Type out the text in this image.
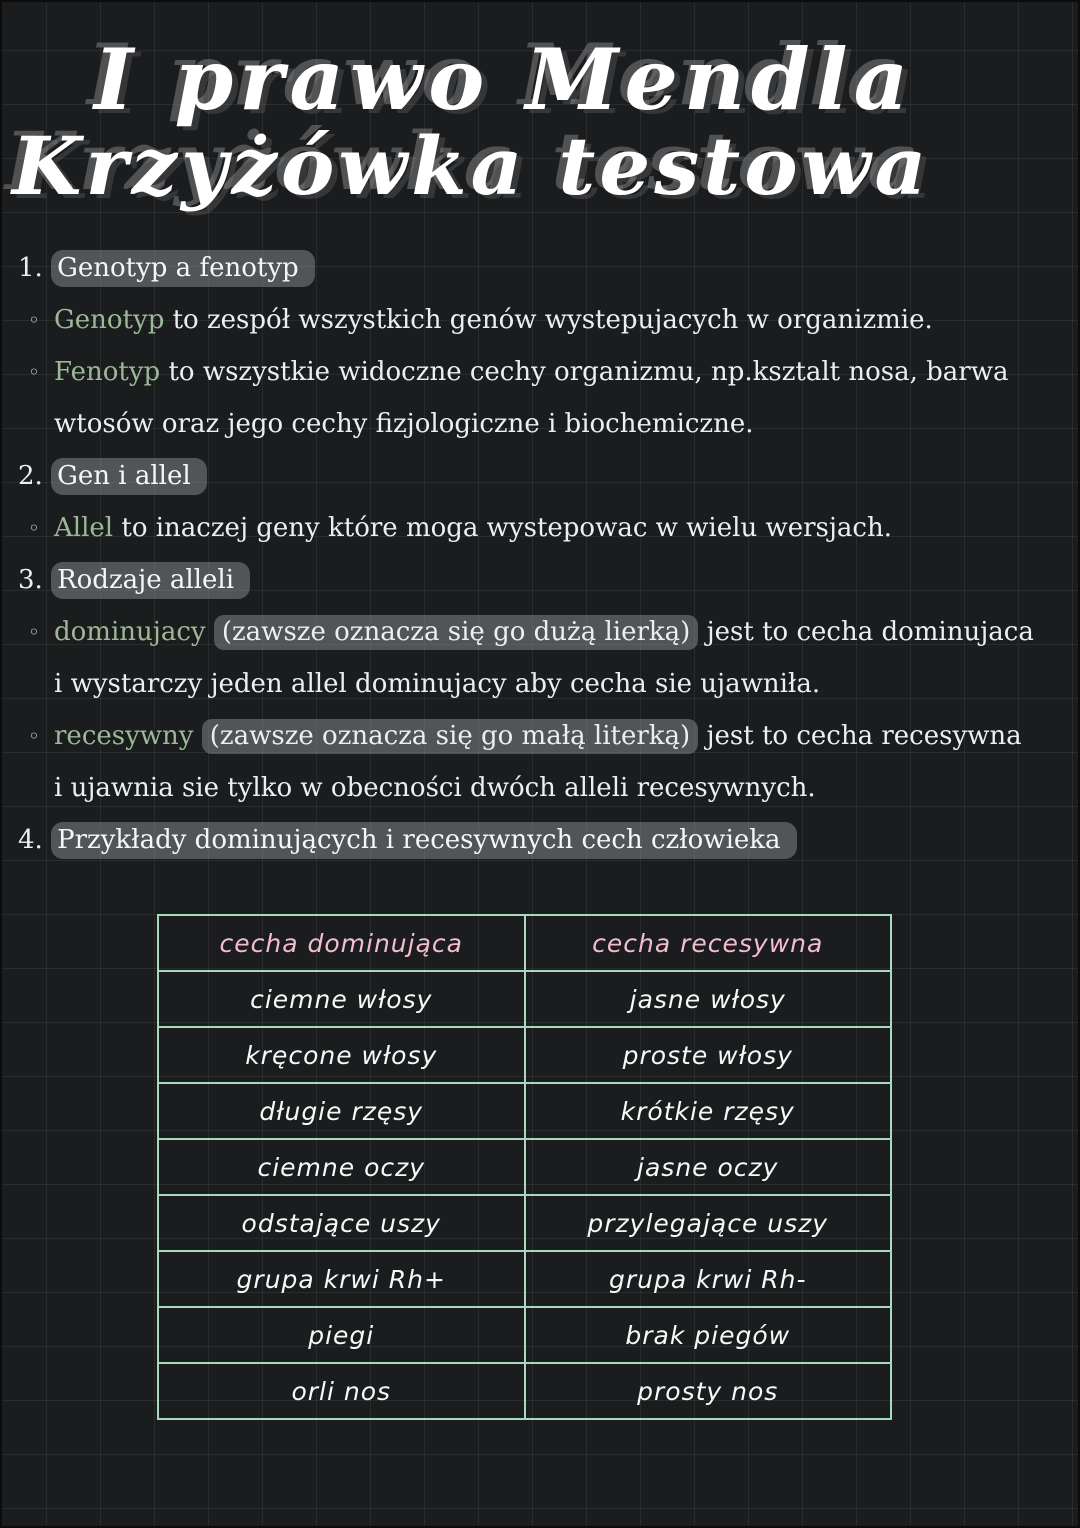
I prawo Mendla
Krzyżówka testowa
1. Genotyp a fenotyp
◦ Genotyp to zespół wszystkich genów wystepujacych w organizmie.
◦ Fenotyp to wszystkie widoczne cechy organizmu, np.ksztalt nosa, barwa wtosów oraz jego cechy fizjologiczne i biochemiczne.
2. Gen i allel
◦ Allel to inaczej geny które moga wystepowac w wielu wersjach.
3. Rodzaje alleli
◦ dominujacy (zawsze oznacza się go dużą lierką) jest to cecha dominujaca i wystarczy jeden allel dominujacy aby cecha sie ujawniła.
◦ recesywny (zawsze oznacza się go małą literką) jest to cecha recesywna i ujawnia sie tylko w obecności dwóch alleli recesywnych.
4. Przykłady dominujących i recesywnych cech człowieka
cecha dominująca	cecha recesywna
ciemne włosy	jasne włosy
kręcone włosy	proste włosy
długie rzęsy	krótkie rzęsy
ciemne oczy	jasne oczy
odstające uszy	przylegające uszy
grupa krwi Rh+	grupa krwi Rh-
piegi	brak piegów
orli nos	prosty nos
